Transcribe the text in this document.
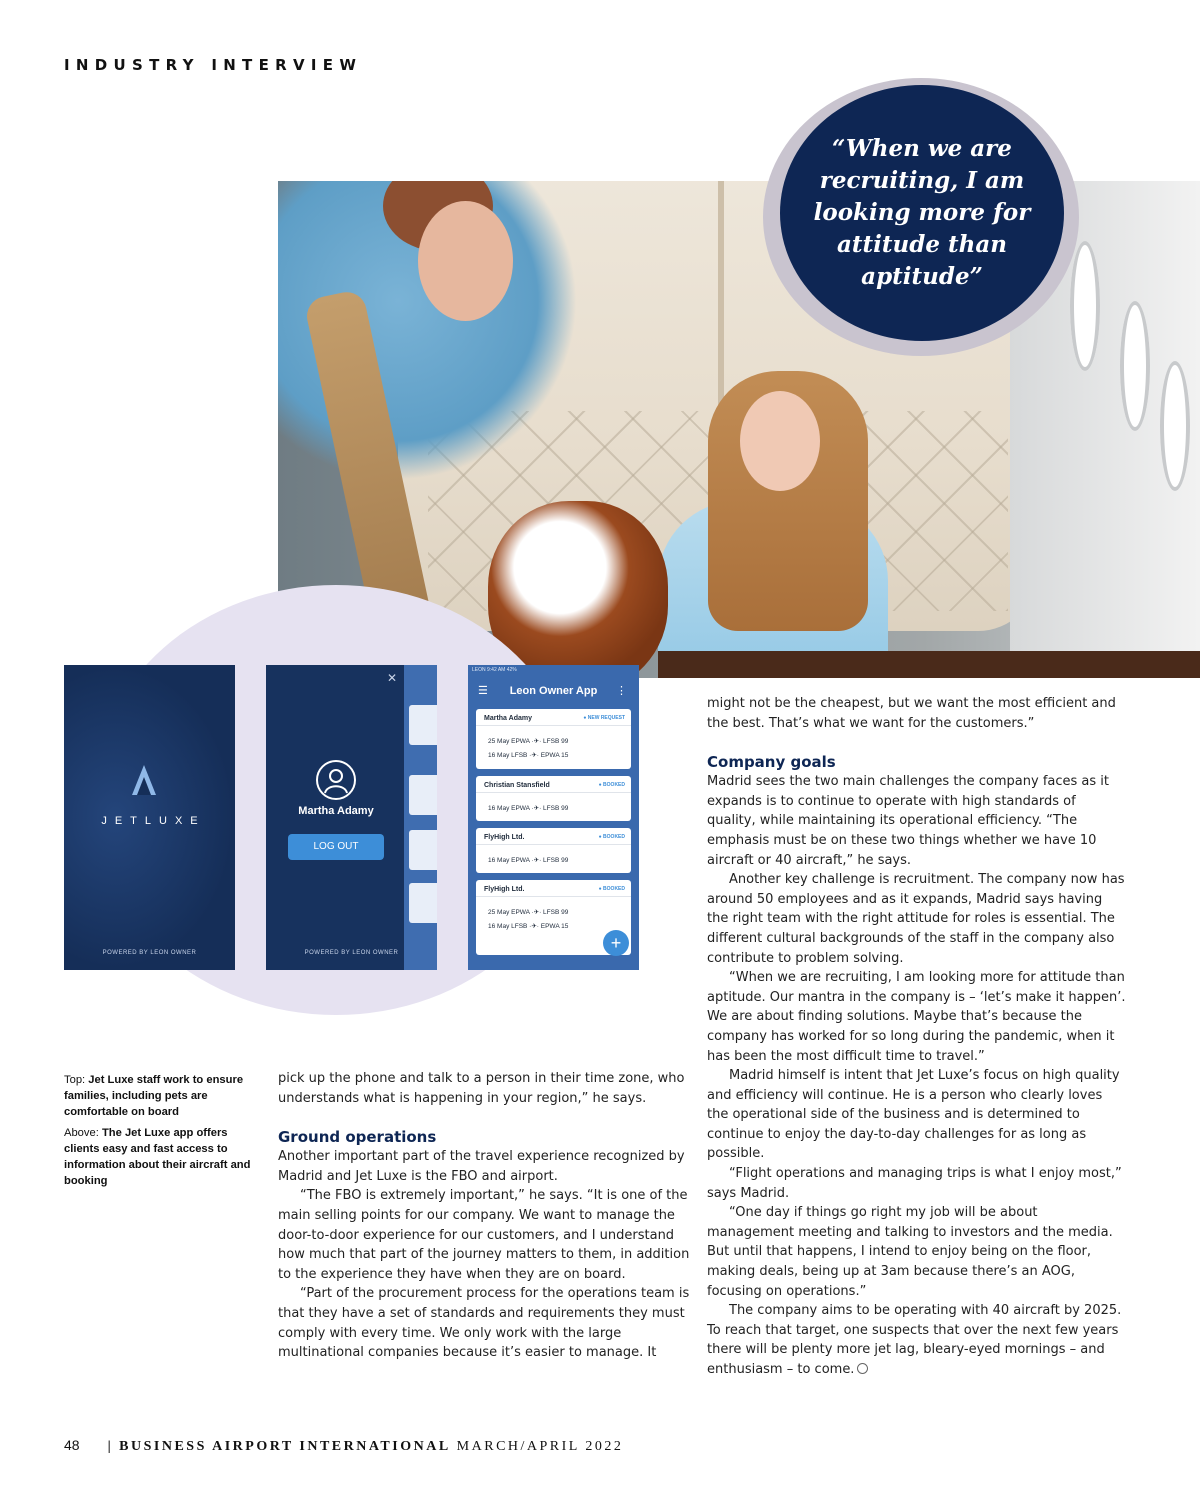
INDUSTRY INTERVIEW
“When we are recruiting, I am looking more for attitude than aptitude”
JETLUXE
POWERED BY LEON OWNER
✕
Martha Adamy
LOG OUT
POWERED BY LEON OWNER
LEON 9:42 AM 42%
☰	Leon Owner App	⋮
Martha Adamy	● NEW REQUEST
25 May EPWA ·✈· LFSB 99
16 May LFSB ·✈· EPWA 15
Christian Stansfield	● BOOKED
16 May EPWA ·✈· LFSB 99
FlyHigh Ltd.	● BOOKED
16 May EPWA ·✈· LFSB 99
FlyHigh Ltd.	● BOOKED
25 May EPWA ·✈· LFSB 99
16 May LFSB ·✈· EPWA 15
+
Top: Jet Luxe staff work to ensure families, including pets are comfortable on board
Above: The Jet Luxe app offers clients easy and fast access to information about their aircraft and booking

pick up the phone and talk to a person in their time zone, who understands what is happening in your region,” he says.

Ground operations

Another important part of the travel experience recognized by Madrid and Jet Luxe is the FBO and airport.

“The FBO is extremely important,” he says. “It is one of the main selling points for our company. We want to manage the door-to-door experience for our customers, and I understand how much that part of the journey matters to them, in addition to the experience they have when they are on board.

“Part of the procurement process for the operations team is that they have a set of standards and requirements they must comply with every time. We only work with the large multinational companies because it’s easier to manage. It

might not be the cheapest, but we want the most efficient and the best. That’s what we want for the customers.”

Company goals

Madrid sees the two main challenges the company faces as it expands is to continue to operate with high standards of quality, while maintaining its operational efficiency. “The emphasis must be on these two things whether we have 10 aircraft or 40 aircraft,” he says.

Another key challenge is recruitment. The company now has around 50 employees and as it expands, Madrid says having the right team with the right attitude for roles is essential. The different cultural backgrounds of the staff in the company also contribute to problem solving.

“When we are recruiting, I am looking more for attitude than aptitude. Our mantra in the company is – ‘let’s make it happen’. We are about finding solutions. Maybe that’s because the company has worked for so long during the pandemic, when it has been the most difficult time to travel.”

Madrid himself is intent that Jet Luxe’s focus on high quality and efficiency will continue. He is a person who clearly loves the operational side of the business and is determined to continue to enjoy the day-to-day challenges for as long as possible.

“Flight operations and managing trips is what I enjoy most,” says Madrid.

“One day if things go right my job will be about management meeting and talking to investors and the media. But until that happens, I intend to enjoy being on the floor, making deals, being up at 3am because there’s an AOG, focusing on operations.”

The company aims to be operating with 40 aircraft by 2025. To reach that target, one suspects that over the next few years there will be plenty more jet lag, bleary-eyed mornings – and enthusiasm – to come.

48 | BUSINESS AIRPORT INTERNATIONAL MARCH/APRIL 2022
